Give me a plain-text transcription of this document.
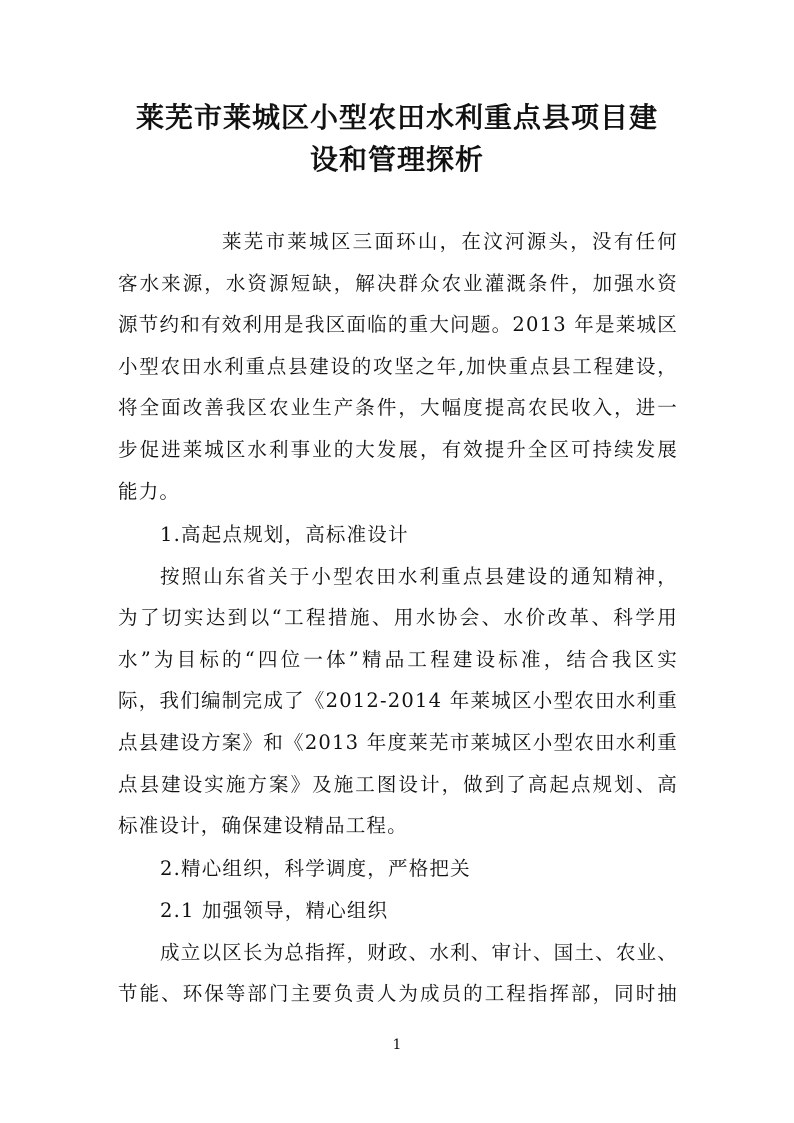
莱芜市莱城区小型农田水利重点县项目建
设和管理探析
莱芜市莱城区三面环山，在汶河源头，没有任何
客水来源，水资源短缺，解决群众农业灌溉条件，加强水资
源节约和有效利用是我区面临的重大问题。2013 年是莱城区
小型农田水利重点县建设的攻坚之年,加快重点县工程建设，
将全面改善我区农业生产条件，大幅度提高农民收入，进一
步促进莱城区水利事业的大发展，有效提升全区可持续发展
能力。
1.高起点规划，高标准设计
按照山东省关于小型农田水利重点县建设的通知精神，
为了切实达到以“工程措施、用水协会、水价改革、科学用
水”为目标的“四位一体”精品工程建设标准，结合我区实
际，我们编制完成了《2012-2014 年莱城区小型农田水利重
点县建设方案》和《2013 年度莱芜市莱城区小型农田水利重
点县建设实施方案》及施工图设计，做到了高起点规划、高
标准设计，确保建设精品工程。
2.精心组织，科学调度，严格把关
2.1 加强领导，精心组织
成立以区长为总指挥，财政、水利、审计、国土、农业、
节能、环保等部门主要负责人为成员的工程指挥部，同时抽
1
